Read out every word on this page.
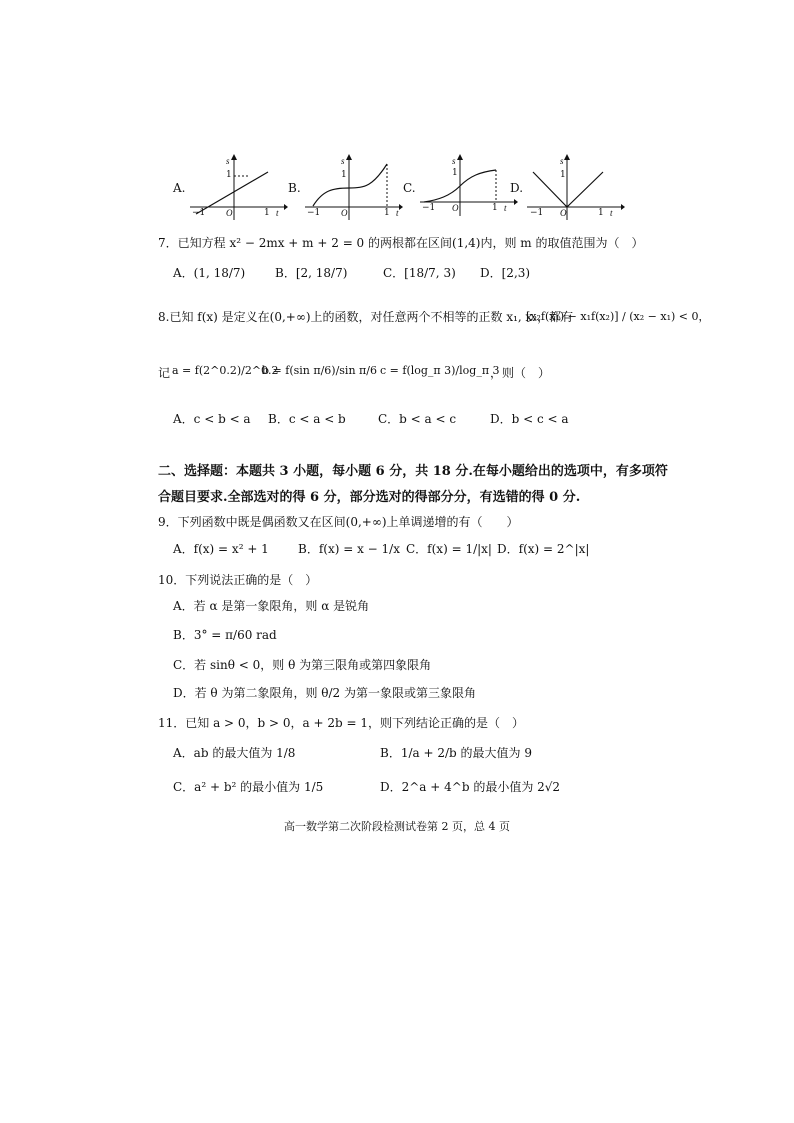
A.
s
1
−1 O	1 t
B.
s
1
−1 O	1 t
C.
s
1
−1 O	1 t
D.
s
1
−1 O	1 t
7．已知方程 x² − 2mx + m + 2 = 0 的两根都在区间(1,4)内，则 m 的取值范围为（　）
A．(1, 18/7) B．[2, 18/7)	C．[18/7, 3) D．[2,3)
8.已知 f(x) 是定义在(0,+∞)上的函数，对任意两个不相等的正数 x₁, x₂，都有
[x₂f(x₁) − x₁f(x₂)] / (x₂ − x₁) < 0，
记 a = f(2^0.2)/2^0.2
b = f(sin π/6)/sin π/6 c = f(log_π 3)/log_π 3
，则（　）
A．c < b < a B．c < a < b	C．b < a < c	D．b < c < a
二、选择题：本题共 3 小题，每小题 6 分，共 18 分.在每小题给出的选项中，有多项符
合题目要求.全部选对的得 6 分，部分选对的得部分分，有选错的得 0 分.
9．下列函数中既是偶函数又在区间(0,+∞)上单调递增的有（　　）
A．f(x) = x² + 1 B．f(x) = x − 1/x C．f(x) = 1/|x| D．f(x) = 2^|x|
10．下列说法正确的是（　）
A．若 α 是第一象限角，则 α 是锐角
B．3° = π/60 rad
C．若 sinθ < 0，则 θ 为第三限角或第四象限角
D．若 θ 为第二象限角，则 θ/2 为第一象限或第三象限角
11．已知 a > 0，b > 0，a + 2b = 1，则下列结论正确的是（　）
A．ab 的最大值为 1/8	B．1/a + 2/b 的最大值为 9
C．a² + b² 的最小值为 1/5	D．2^a + 4^b 的最小值为 2√2
高一数学第二次阶段检测试卷第 2 页，总 4 页
